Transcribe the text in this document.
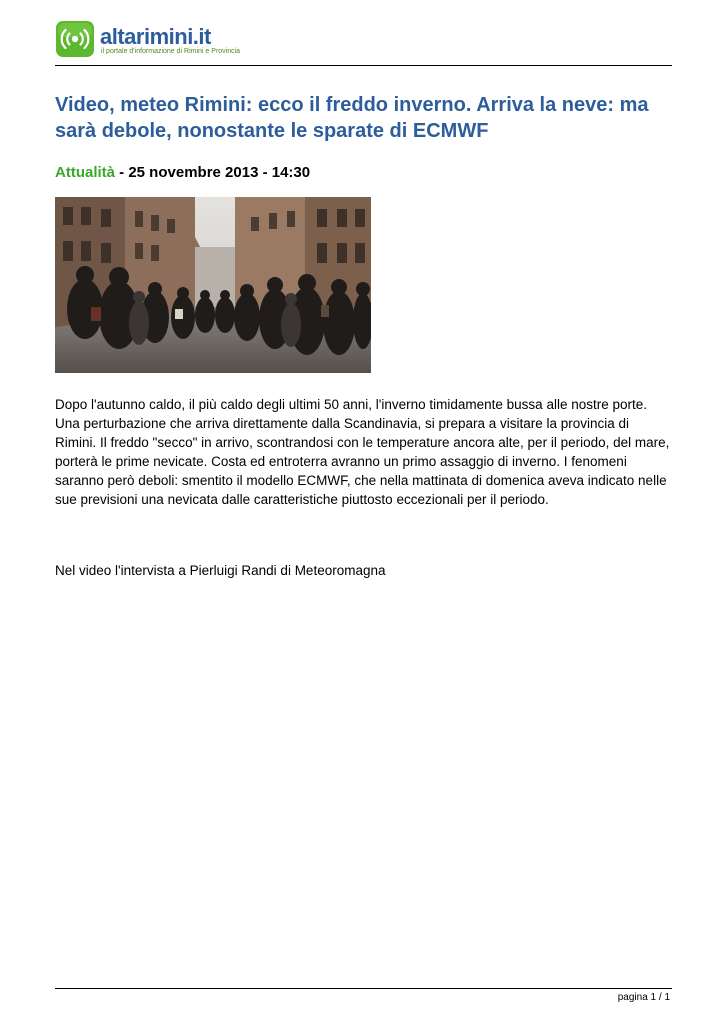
altarimini.it
il portale d'informazione di Rimini e Provincia
Video, meteo Rimini: ecco il freddo inverno. Arriva la neve: ma sarà debole, nonostante le sparate di ECMWF
Attualità - 25 novembre 2013 - 14:30

Dopo l'autunno caldo, il più caldo degli ultimi 50 anni, l'inverno timidamente bussa alle nostre porte. Una perturbazione che arriva direttamente dalla Scandinavia, si prepara a visitare la provincia di Rimini. Il freddo "secco" in arrivo, scontrandosi con le temperature ancora alte, per il periodo, del mare, porterà le prime nevicate. Costa ed entroterra avranno un primo assaggio di inverno. I fenomeni saranno però deboli: smentito il modello ECMWF, che nella mattinata di domenica aveva indicato nelle sue previsioni una nevicata dalle caratteristiche piuttosto eccezionali per il periodo.

Nel video l'intervista a Pierluigi Randi di Meteoromagna

pagina 1 / 1
